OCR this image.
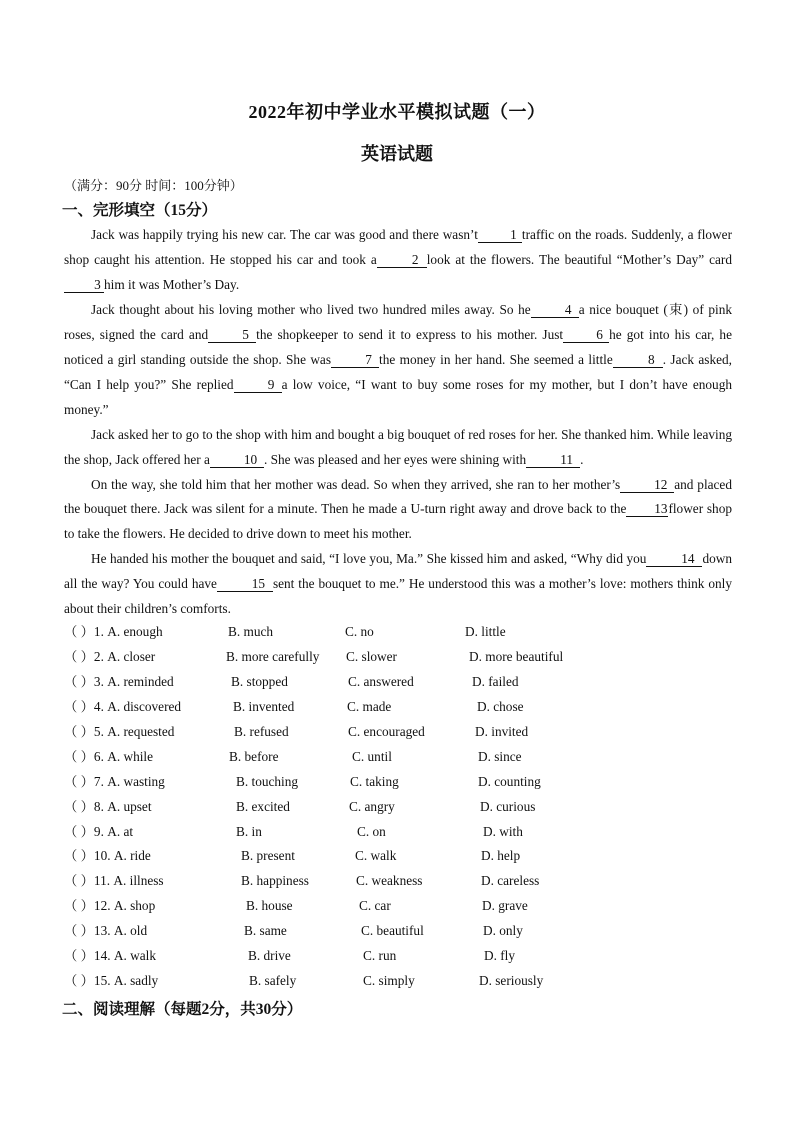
2022年初中学业水平模拟试题（一）
英语试题
（满分：90分 时间：100分钟）
一、完形填空（15分）

Jack was happily trying his new car. The car was good and there wasn’t 1 traffic on the roads. Suddenly, a flower shop caught his attention. He stopped his car and took a	2 look at the flowers. The beautiful “Mother’s Day” card3 him it was Mother’s Day.

Jack thought about his loving mother who lived two hundred miles away. So he	4 a nice bouquet (束) of pink roses, signed the card and	5 the shopkeeper to send it to express to his mother. Just 6 he got into his car, he noticed a girl standing outside the shop. She was	7 the money in her hand. She seemed a little	8 . Jack asked, “Can I help you?” She replied	9 a low voice, “I want to buy some roses for my mother, but I don’t have enough money.”

Jack asked her to go to the shop with him and bought a big bouquet of red roses for her. She thanked him. While leaving the shop, Jack offered her a	10 . She was pleased and her eyes were shining with	11 .

On the way, she told him that her mother was dead. So when they arrived, she ran to her mother’s	12 and placed the bouquet there. Jack was silent for a minute. Then he made a U-turn right away and drove back to the 13flower shop to take the flowers. He decided to drive down to meet his mother.

He handed his mother the bouquet and said, “I love you, Ma.” She kissed him and asked, “Why did you	14 down all the way? You could have	15 sent the bouquet to me.” He understood this was a mother’s love: mothers think only about their children’s comforts.

（ ）1. A. enough	B. much	C. no	D. little
（ ）2. A. closer	B. more carefully C. slower	D. more beautiful
（ ）3. A. reminded	B. stopped	C. answered	D. failed
（ ）4. A. discovered	B. invented	C. made	D. chose
（ ）5. A. requested	B. refused	C. encouraged	D. invited
（ ）6. A. while	B. before	C. until	D. since
（ ）7. A. wasting	B. touching	C. taking	D. counting
（ ）8. A. upset	B. excited	C. angry	D. curious
（ ）9. A. at	B. in	C. on	D. with
（ ）10. A. ride	B. present	C. walk	D. help
（ ）11. A. illness	B. happiness	C. weakness	D. careless
（ ）12. A. shop	B. house	C. car	D. grave
（ ）13. A. old	B. same	C. beautiful	D. only
（ ）14. A. walk	B. drive	C. run	D. fly
（ ）15. A. sadly	B. safely	C. simply	D. seriously
二、阅读理解（每题2分，共30分）
